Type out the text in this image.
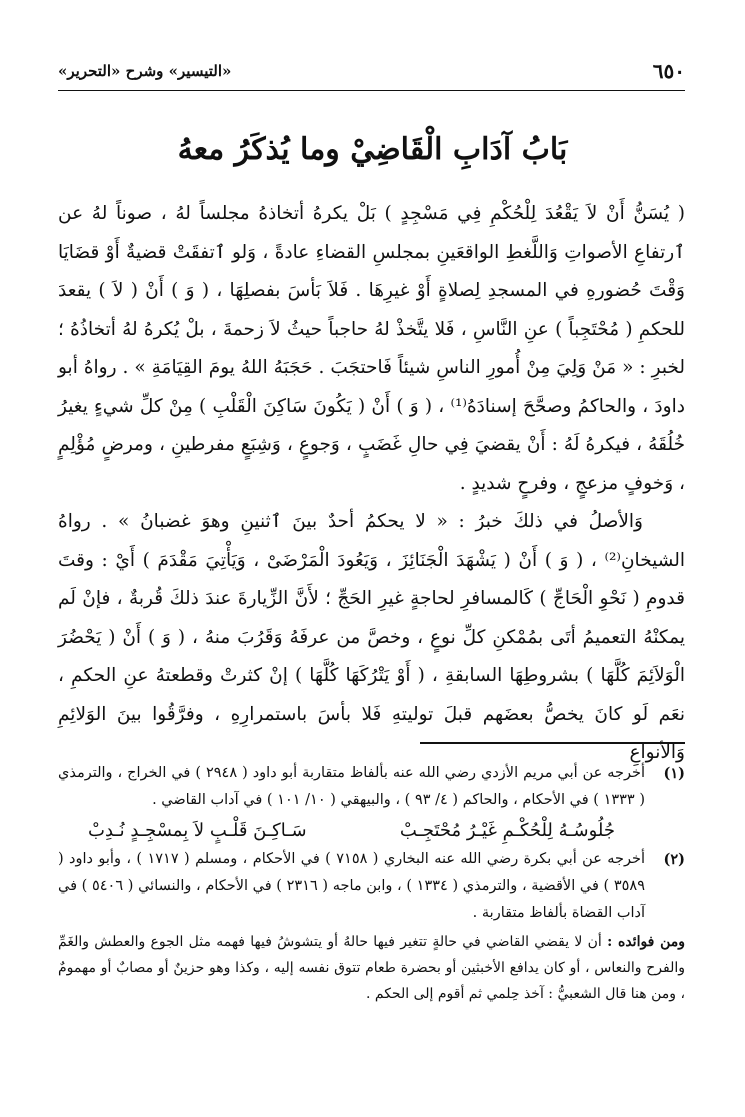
«التيسير» وشرح «التحرير»	٦٥٠
بَابُ آدَابِ الْقَاضِيْ وما يُذكَرُ معهُ

( يُسَنُّ أَنْ لاَ يَقْعُدَ لِلْحُكْمِ فِي مَسْجِدٍ ) بَلْ يكرهُ أتخاذهُ مجلساً لهُ ، صوناً لهُ عن ٱرتفاعِ الأصواتِ وَاللَّغطِ الواقعَينِ بمجلسِ القضاءِ عادةً ، وَلو ٱتفقَتْ قضيةٌ أَوْ قضَايَا وَقْتَ حُضورهِ في المسجدِ لِصلاةٍ أَوْ غيرِهَا . فَلاَ بَأسَ بفصلِهَا ، ( وَ ) أَنْ ( لاَ ) يقعدَ للحكمِ ( مُحْتَجِباً ) عنِ النَّاسِ ، فَلا يتَّخذْ لهُ حاجباً حيثُ لاَ زحمةَ ، بلْ يُكرهُ لهُ أتخاذُهُ ؛ لخبرِ : « مَنْ وَلِيَ مِنْ أُمورِ الناسِ شيئاً فَاحتجَبَ . حَجَبَهُ اللهُ يومَ القِيَامَةِ » . رواهُ أبو داودَ ، والحاكمُ وصحَّحَ إسنادَهُ⁽¹⁾ ، ( وَ ) أَنْ ( يَكُونَ سَاكِنَ الْقَلْبِ ) مِنْ كلِّ شيءٍ يغيرُ خُلُقَهُ ، فيكرهُ لَهُ : أَنْ يقضيَ فِي حالِ غَضَبٍ ، وَجوعٍ ، وَشِبَعٍ مفرطينِ ، ومرضٍ مُؤْلِمٍ ، وَخوفٍ مزعجٍ ، وفرحٍ شديدٍ .

وَالأصلُ في ذلكَ خبرُ : « لا يحكمُ أحدٌ بينَ ٱثنينِ وهوَ غضبانُ » . رواهُ الشيخانِ⁽²⁾ ، ( وَ ) أَنْ ( يَشْهَدَ الْجَنَائِزَ ، وَيَعُودَ الْمَرْضَىْ ، وَيَأْتِيَ مَقْدَمَ ) أَيْ : وقتَ قدومِ ( نَحْوِ الْحَاجِّ ) كَالمسافرِ لحاجةٍ غيرِ الحَجِّ ؛ لأَنَّ الزِّيارةَ عندَ ذلكَ قُربةٌ ، فإنْ لَم يمكنْهُ التعميمُ أتَى بمُمْكنِ كلِّ نوعٍ ، وخصَّ من عرفَهُ وَقَرُبَ منهُ ، ( وَ ) أَنْ ( يَحْضُرَ الْوَلاَئِمَ كُلَّهَا ) بشروطِهَا السابقةِ ، ( أَوْ يَتْرُكَهَا كُلَّهَا ) إنْ كثرتْ وقطعتهُ عنِ الحكمِ ، نعَم لَو كانَ يخصُّ بعضَهم قبلَ توليتهِ فَلا بأسَ باستمرارِهِ ، وفرَّقُوا بينَ الوَلائِمِ وَالأنواعِ

(١)
أخرجه عن أبي مريم الأزدي رضي الله عنه بألفاظ متقاربة أبو داود ( ٢٩٤٨ ) في الخراج ، والترمذي ( ١٣٣٣ ) في الأحكام ، والحاكم ( ٤/ ٩٣ ) ، والبيهقي ( ١٠/ ١٠١ ) في آداب القاضي .
جُلُوسُـهُ لِلْحُكْـمِ غَيْـرُ مُحْتَجِـبْ
سَـاكِـنَ قَلْـبٍ لاَ بِمسْجِـدٍ نُـدِبْ
(٢)
أخرجه عن أبي بكرة رضي الله عنه البخاري ( ٧١٥٨ ) في الأحكام ، ومسلم ( ١٧١٧ ) ، وأبو داود ( ٣٥٨٩ ) في الأقضية ، والترمذي ( ١٣٣٤ ) ، وابن ماجه ( ٢٣١٦ ) في الأحكام ، والنسائي ( ٥٤٠٦ ) في آداب القضاة بألفاظ متقاربة .
ومن فوائده : أن لا يقضي القاضي في حالةٍ تتغير فيها حالهُ أو يتشوشُ فيها فهمه مثل الجوع والعطش والغَمِّ والفرح والنعاس ، أو كان يدافع الأخبثين أو بحضرة طعام تتوق نفسه إليه ، وكذا وهو حزينٌ أو مصابٌ أو مهمومٌ ، ومن هنا قال الشعبيُّ : آخذ حِلمي ثم أقوم إلى الحكم .
